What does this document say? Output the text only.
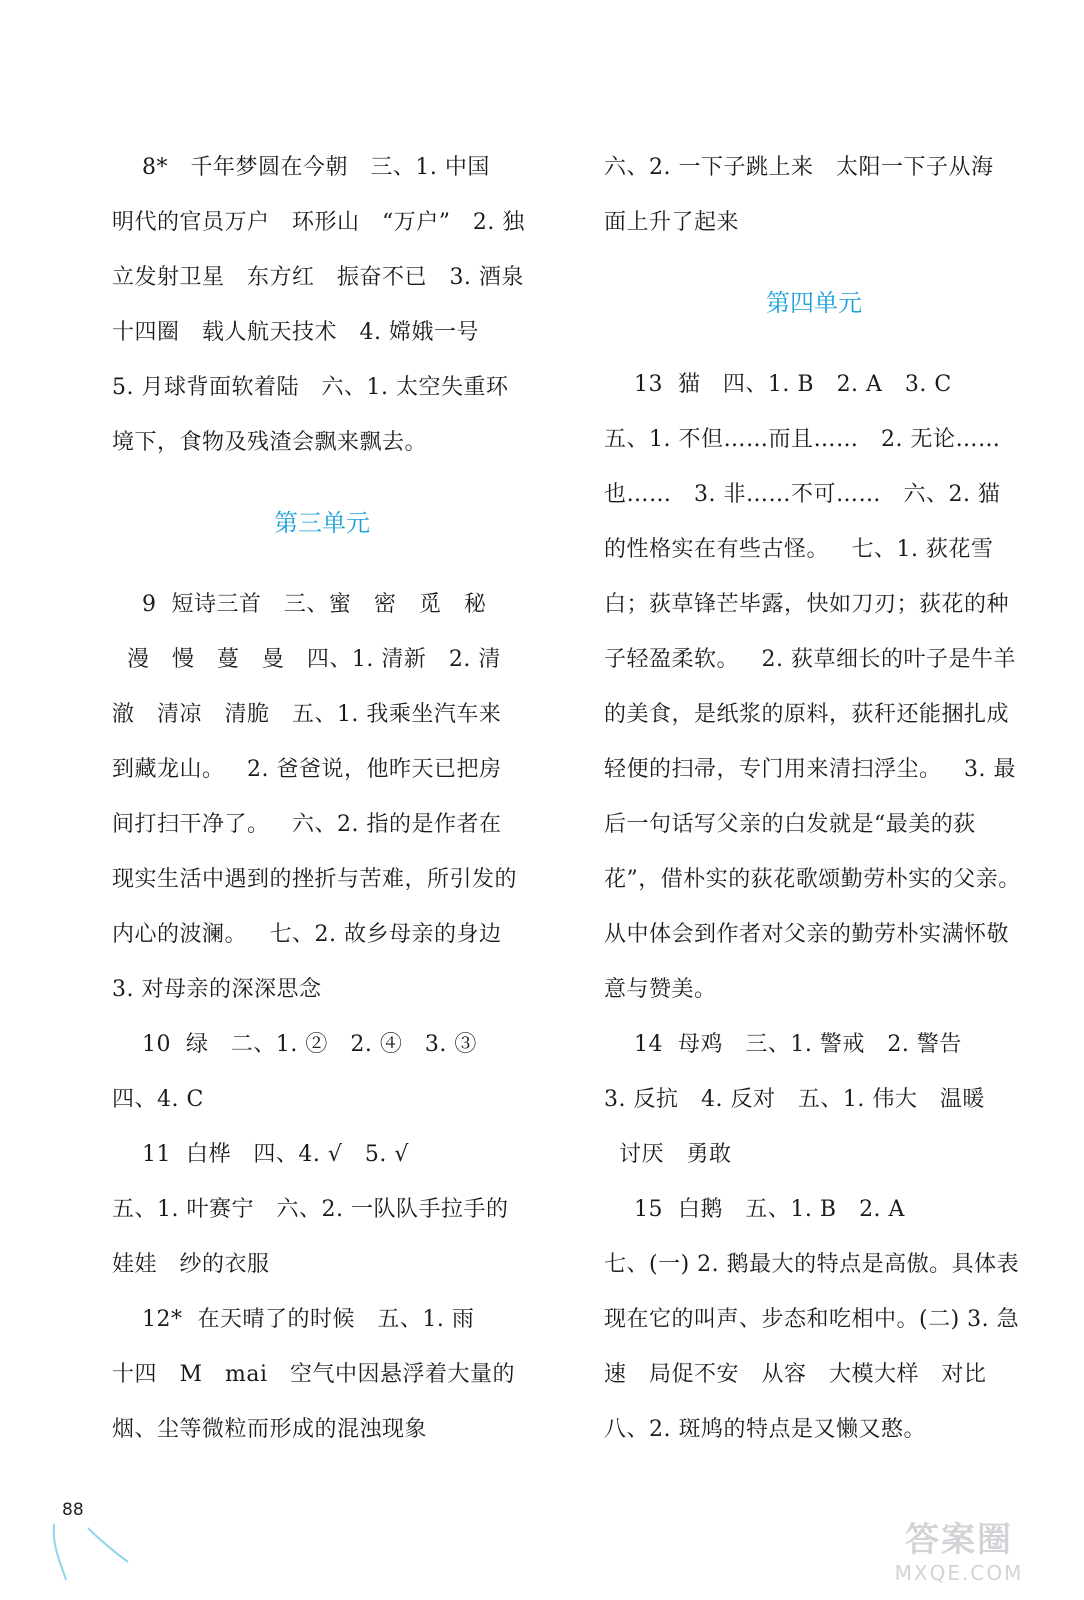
8*   千年梦圆在今朝   三、1. 中国
明代的官员万户   环形山   “万户”   2. 独
立发射卫星   东方红   振奋不已   3. 酒泉
十四圈   载人航天技术   4. 嫦娥一号
5. 月球背面软着陆   六、1. 太空失重环
境下，食物及残渣会飘来飘去。
第三单元
9  短诗三首   三、蜜   密   觅   秘
漫   慢   蔓   曼   四、1. 清新   2. 清
澈   清凉   清脆   五、1. 我乘坐汽车来
到藏龙山。   2. 爸爸说，他昨天已把房
间打扫干净了。   六、2. 指的是作者在
现实生活中遇到的挫折与苦难，所引发的
内心的波澜。   七、2. 故乡母亲的身边
3. 对母亲的深深思念
10  绿   二、1. ②   2. ④   3. ③
四、4. C
11  白桦   四、4. √   5. √
五、1. 叶赛宁   六、2. 一队队手拉手的
娃娃   纱的衣服
12*  在天晴了的时候   五、1. 雨
十四   M   mai   空气中因悬浮着大量的
烟、尘等微粒而形成的混浊现象
六、2. 一下子跳上来   太阳一下子从海
面上升了起来
第四单元
13  猫   四、1. B   2. A   3. C
五、1. 不但……而且……   2. 无论……
也……   3. 非……不可……   六、2. 猫
的性格实在有些古怪。   七、1. 荻花雪
白；荻草锋芒毕露，快如刀刃；荻花的种
子轻盈柔软。   2. 荻草细长的叶子是牛羊
的美食，是纸浆的原料，荻秆还能捆扎成
轻便的扫帚，专门用来清扫浮尘。   3. 最
后一句话写父亲的白发就是“最美的荻
花”，借朴实的荻花歌颂勤劳朴实的父亲。
从中体会到作者对父亲的勤劳朴实满怀敬
意与赞美。
14  母鸡   三、1. 警戒   2. 警告
3. 反抗   4. 反对   五、1. 伟大   温暖
讨厌   勇敢
15  白鹅   五、1. B   2. A
七、(一) 2. 鹅最大的特点是高傲。具体表
现在它的叫声、步态和吃相中。(二) 3. 急
速   局促不安   从容   大模大样   对比
八、2. 斑鸠的特点是又懒又憨。
88
答案圈
MXQE.COM
